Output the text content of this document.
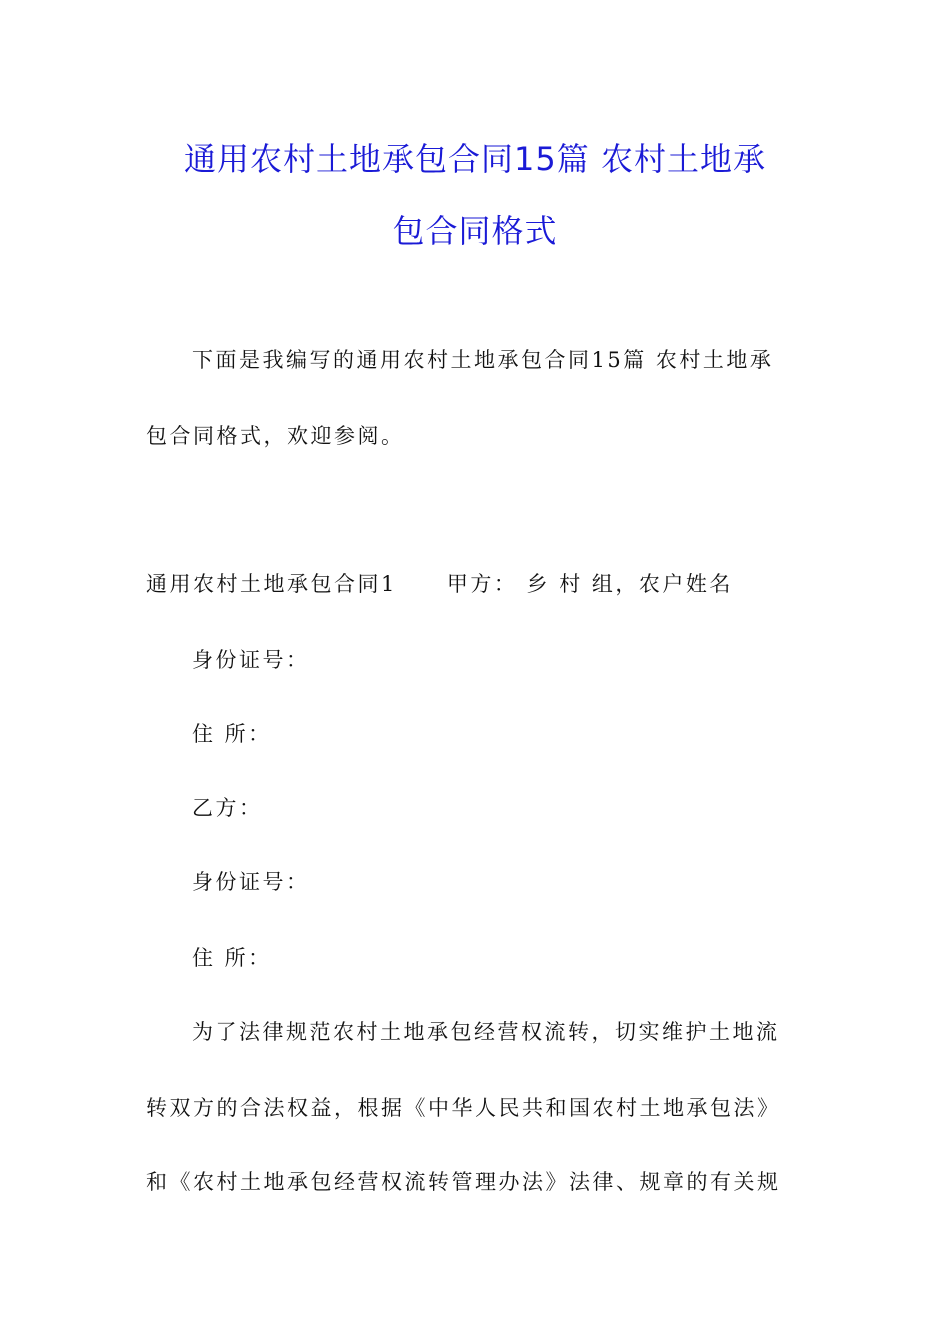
通用农村土地承包合同15篇 农村土地承
包合同格式
下面是我编写的通用农村土地承包合同15篇 农村土地承
包合同格式，欢迎参阅。
通用农村土地承包合同1 甲方： 乡 村 组，农户姓名
身份证号：
住 所：
乙方：
身份证号：
住 所：
为了法律规范农村土地承包经营权流转，切实维护土地流
转双方的合法权益，根据《中华人民共和国农村土地承包法》
和《农村土地承包经营权流转管理办法》法律、规章的有关规
